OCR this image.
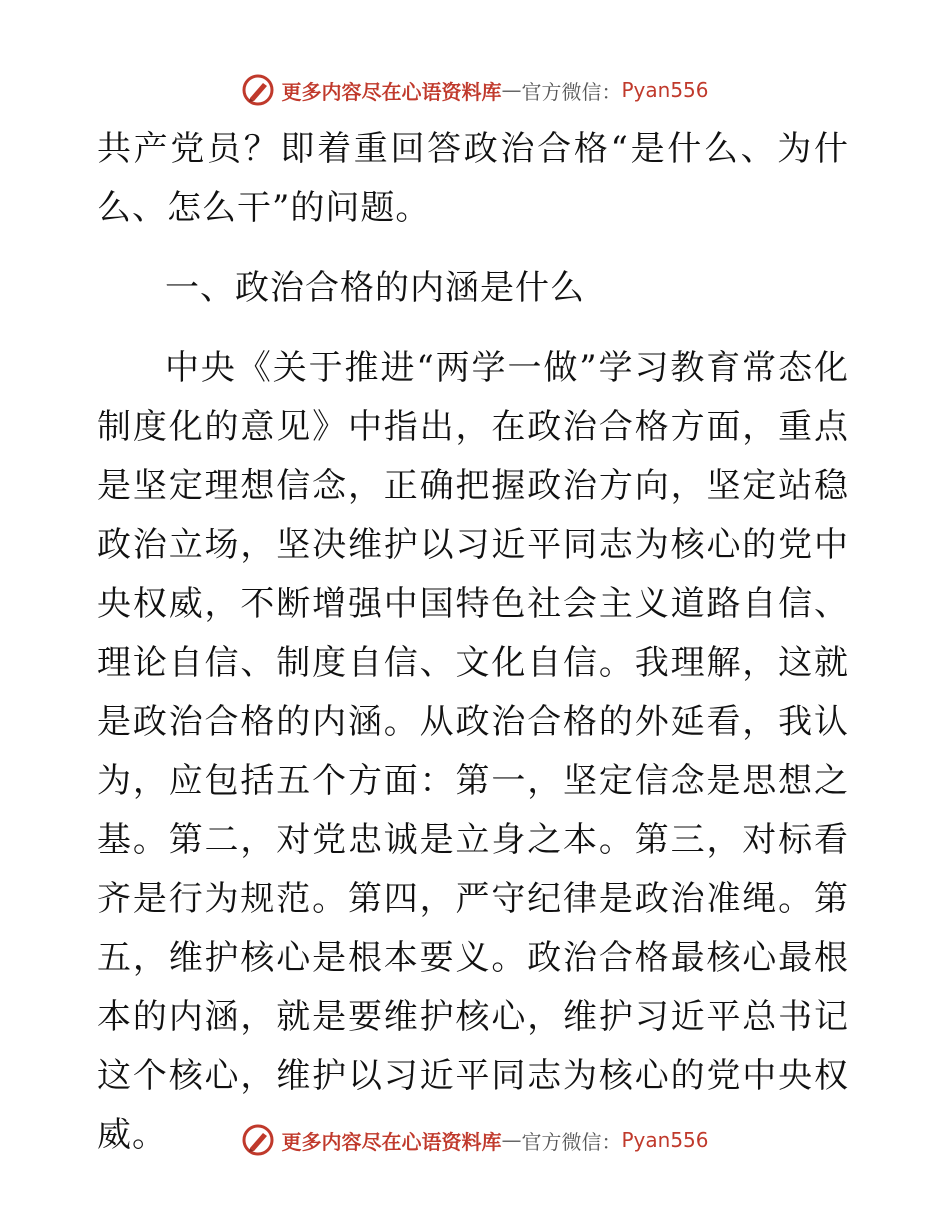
更多内容尽在心语资料库 — 官方微信： Pyan556

共产党员？即着重回答政治合格“是什么、为什么、怎么干”的问题。

一、政治合格的内涵是什么

中央《关于推进“两学一做”学习教育常态化制度化的意见》中指出，在政治合格方面，重点是坚定理想信念，正确把握政治方向，坚定站稳政治立场，坚决维护以习近平同志为核心的党中央权威，不断增强中国特色社会主义道路自信、理论自信、制度自信、文化自信。我理解，这就是政治合格的内涵。从政治合格的外延看，我认为，应包括五个方面：第一，坚定信念是思想之基。第二，对党忠诚是立身之本。第三，对标看齐是行为规范。第四，严守纪律是政治准绳。第五，维护核心是根本要义。政治合格最核心最根本的内涵，就是要维护核心，维护习近平总书记这个核心，维护以习近平同志为核心的党中央权威。	更多内容尽在心语资料库 — 官方微信： Pyan556
